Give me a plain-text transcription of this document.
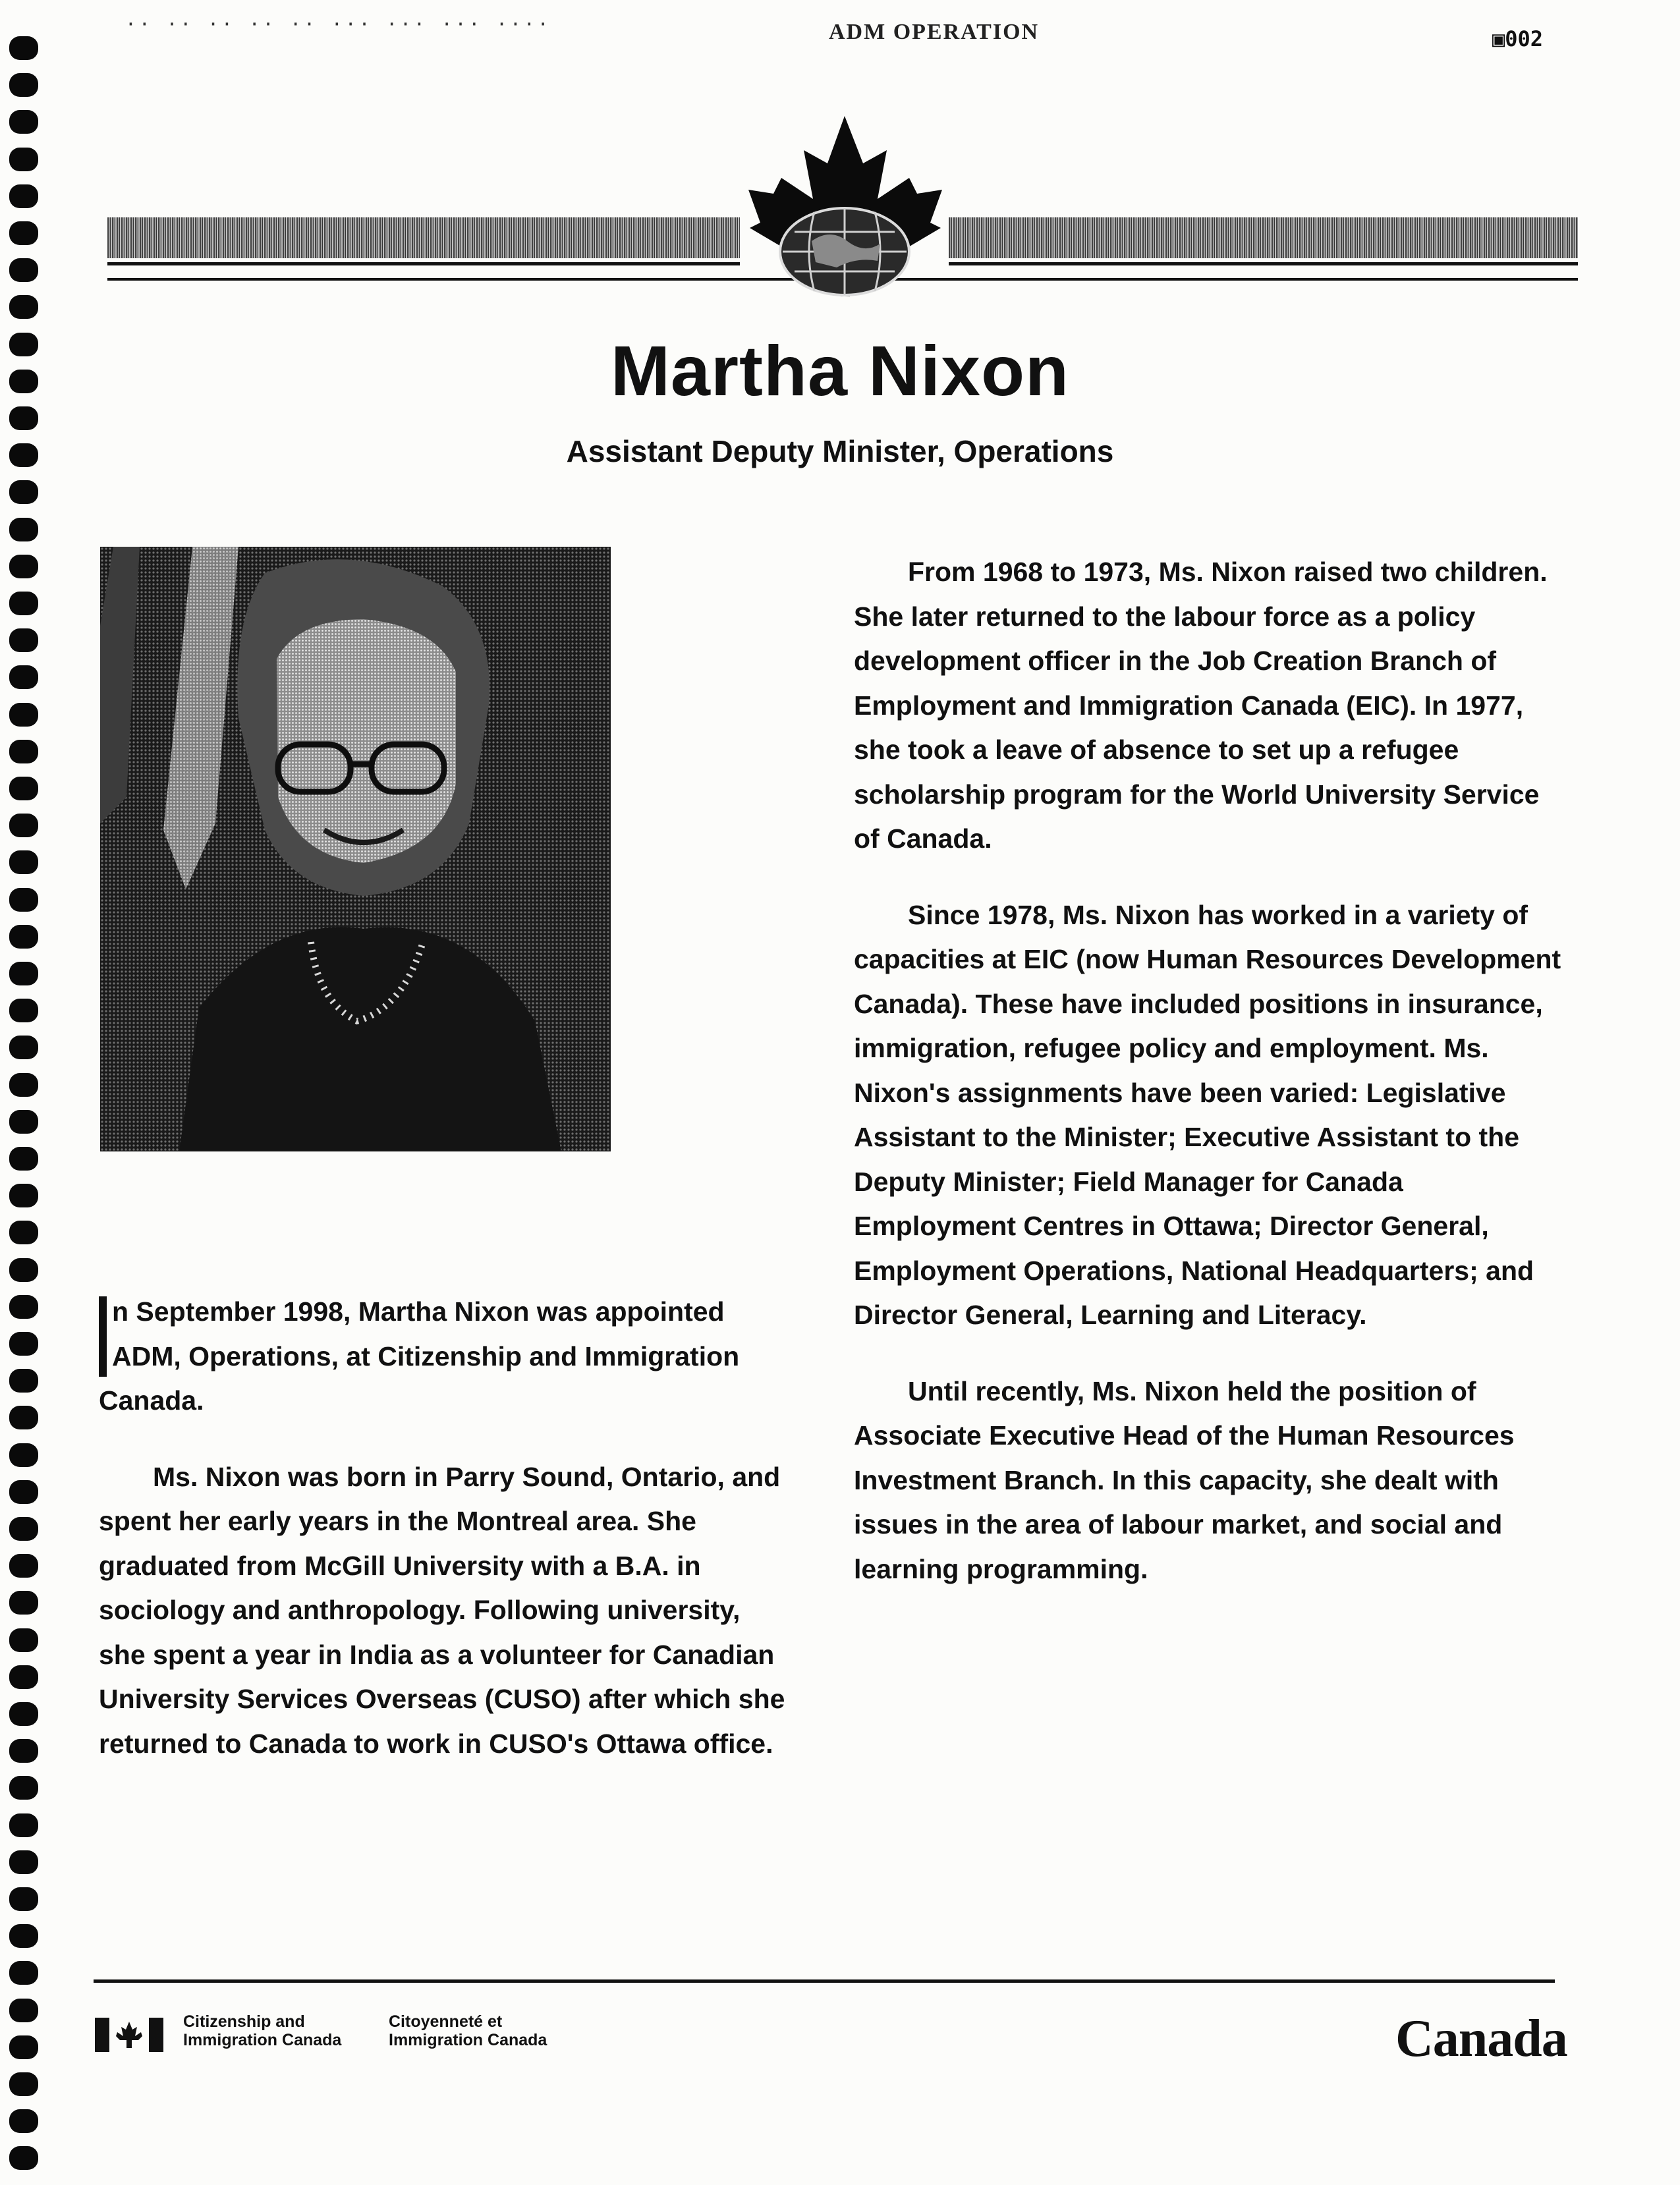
·· ·· ·· ·· ·· ··· ··· ··· ····	ADM OPERATION	▣002
Martha Nixon
Assistant Deputy Minister, Operations

n September 1998, Martha Nixon was appointed ADM, Operations, at Citizenship and Immigration Canada.

Ms. Nixon was born in Parry Sound, Ontario, and spent her early years in the Montreal area. She graduated from McGill University with a B.A. in sociology and anthropology. Following university, she spent a year in India as a volunteer for Canadian University Services Overseas (CUSO) after which she returned to Canada to work in CUSO's Ottawa office.

From 1968 to 1973, Ms. Nixon raised two children. She later returned to the labour force as a policy development officer in the Job Creation Branch of Employment and Immigration Canada (EIC). In 1977, she took a leave of absence to set up a refugee scholarship program for the World University Service of Canada.

Since 1978, Ms. Nixon has worked in a variety of capacities at EIC (now Human Resources Development Canada). These have included positions in insurance, immigration, refugee policy and employment. Ms. Nixon's assignments have been varied: Legislative Assistant to the Minister; Executive Assistant to the Deputy Minister; Field Manager for Canada Employment Centres in Ottawa; Director General, Employment Operations, National Headquarters; and Director General, Learning and Literacy.

Until recently, Ms. Nixon held the position of Associate Executive Head of the Human Resources Investment Branch. In this capacity, she dealt with issues in the area of labour market, and social and learning programming.

Citizenship and
Immigration Canada
Citoyenneté et
Immigration Canada	Canada
